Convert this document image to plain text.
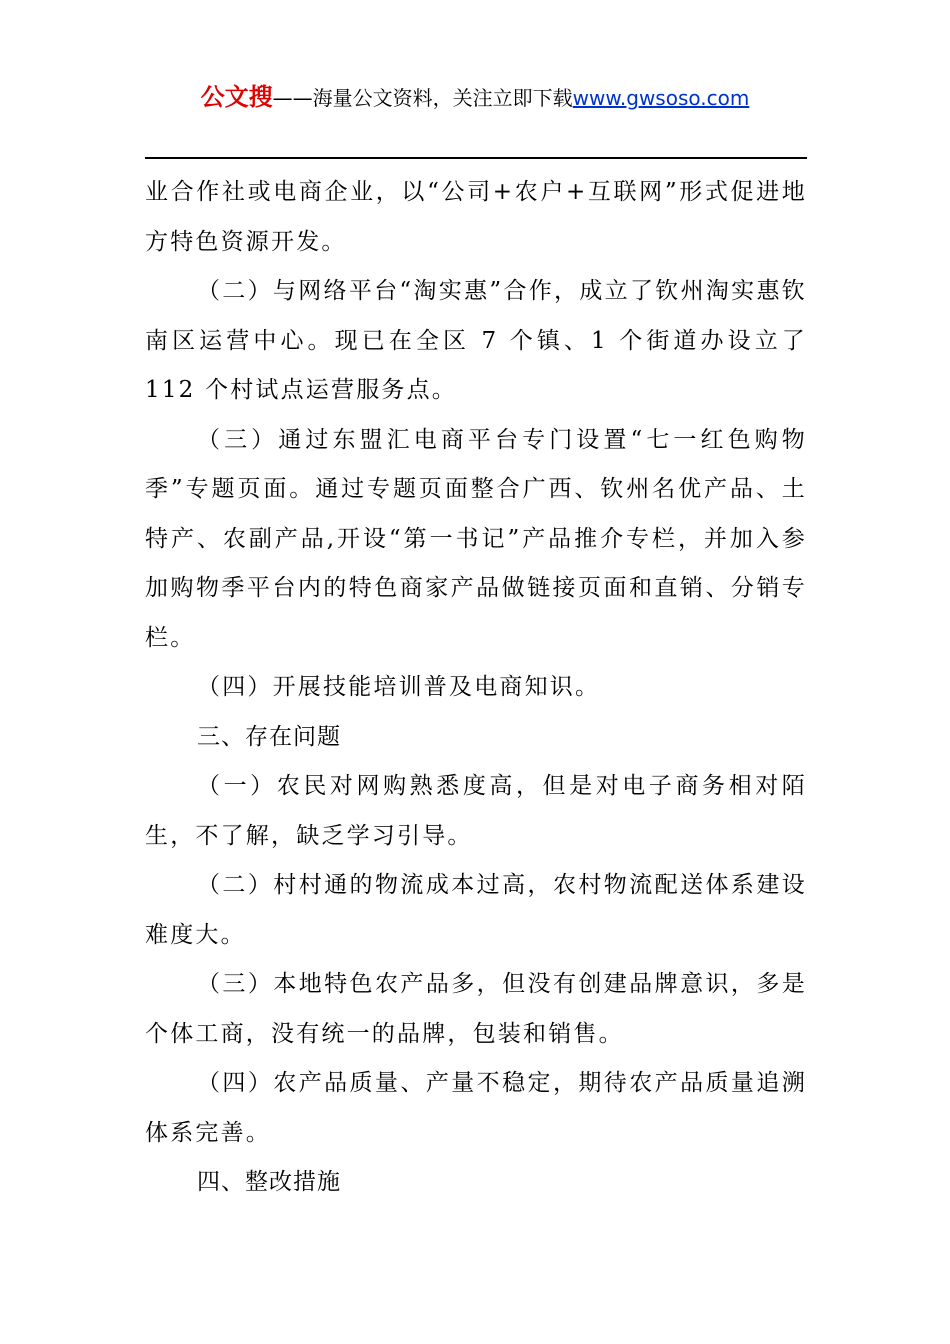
公文搜——海量公文资料，关注立即下载www.gwsoso.com

业合作社或电商企业，以“公司+农户+互联网”形式促进地方特色资源开发。

（二）与网络平台“淘实惠”合作，成立了钦州淘实惠钦南区运营中心。现已在全区 7 个镇、1 个街道办设立了 112 个村试点运营服务点。

（三）通过东盟汇电商平台专门设置“七一红色购物季”专题页面。通过专题页面整合广西、钦州名优产品、土特产、农副产品,开设“第一书记”产品推介专栏，并加入参加购物季平台内的特色商家产品做链接页面和直销、分销专栏。

（四）开展技能培训普及电商知识。

三、存在问题

（一）农民对网购熟悉度高，但是对电子商务相对陌生，不了解，缺乏学习引导。

（二）村村通的物流成本过高，农村物流配送体系建设难度大。

（三）本地特色农产品多，但没有创建品牌意识，多是个体工商，没有统一的品牌，包装和销售。

（四）农产品质量、产量不稳定，期待农产品质量追溯体系完善。

四、整改措施
